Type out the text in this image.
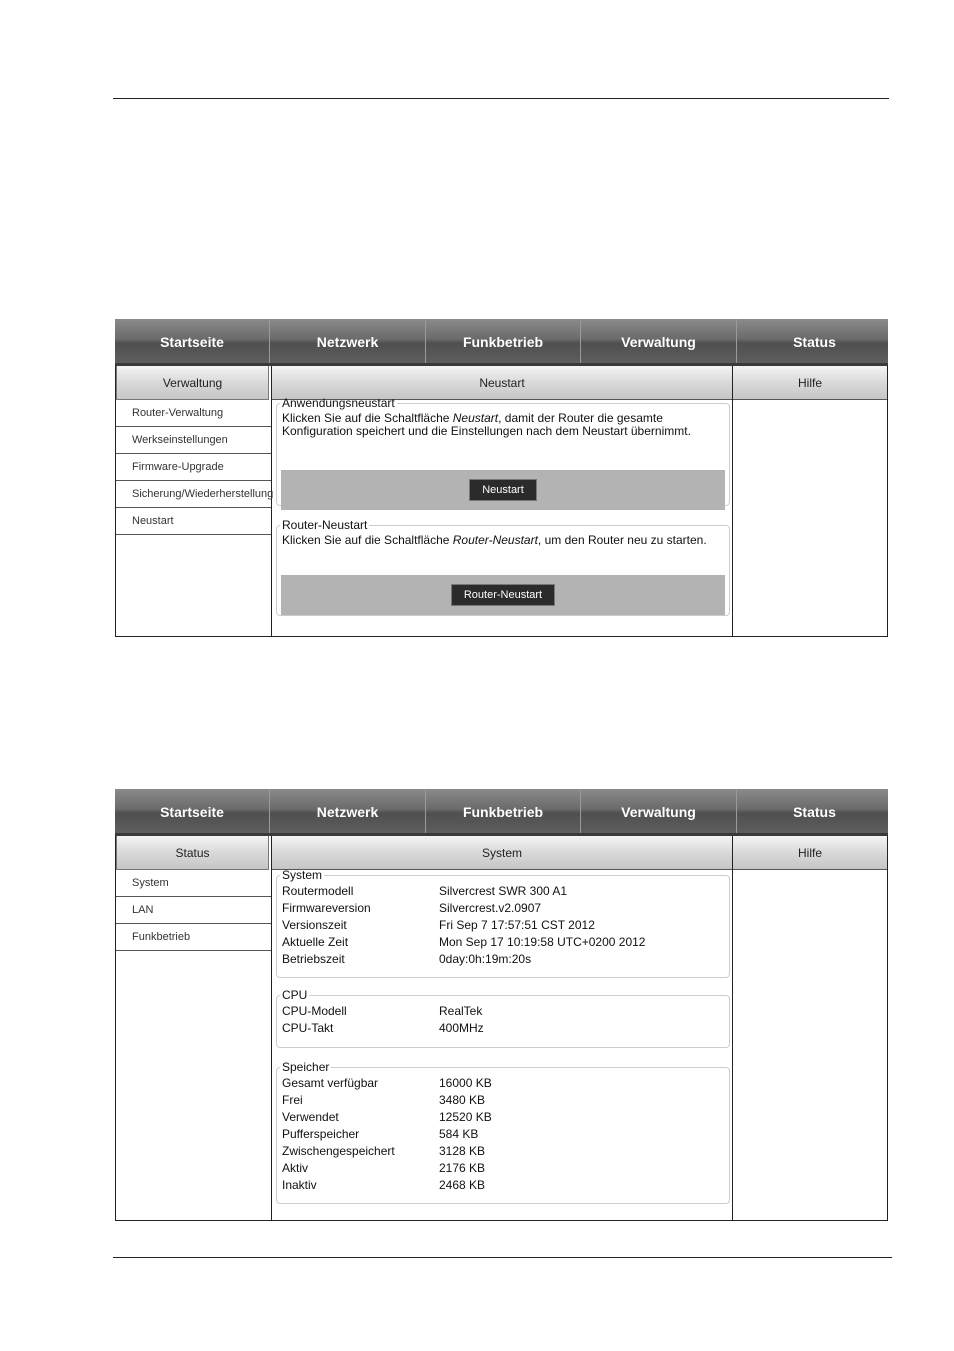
Startseite	Netzwerk	Funkbetrieb	Verwaltung	Status
Verwaltung
Router-Verwaltung
Werkseinstellungen
Firmware-Upgrade
Sicherung/Wiederherstellung
Neustart
Neustart
Anwendungsneustart
Klicken Sie auf die Schaltfläche Neustart, damit der Router die gesamte Konfiguration speichert und die Einstellungen nach dem Neustart übernimmt.
Neustart
Router-Neustart
Klicken Sie auf die Schaltfläche Router-Neustart, um den Router neu zu starten.
Router-Neustart
Hilfe
Startseite	Netzwerk	Funkbetrieb	Verwaltung	Status
Status
System
LAN
Funkbetrieb
System
System
Routermodell	Silvercrest SWR 300 A1
Firmwareversion	Silvercrest.v2.0907
Versionszeit	Fri Sep 7 17:57:51 CST 2012
Aktuelle Zeit	Mon Sep 17 10:19:58 UTC+0200 2012
Betriebszeit	0day:0h:19m:20s
CPU
CPU-Modell	RealTek
CPU-Takt	400MHz
Speicher
Gesamt verfügbar	16000 KB
Frei	3480 KB
Verwendet	12520 KB
Pufferspeicher	584 KB
Zwischengespeichert	3128 KB
Aktiv	2176 KB
Inaktiv	2468 KB
Hilfe
